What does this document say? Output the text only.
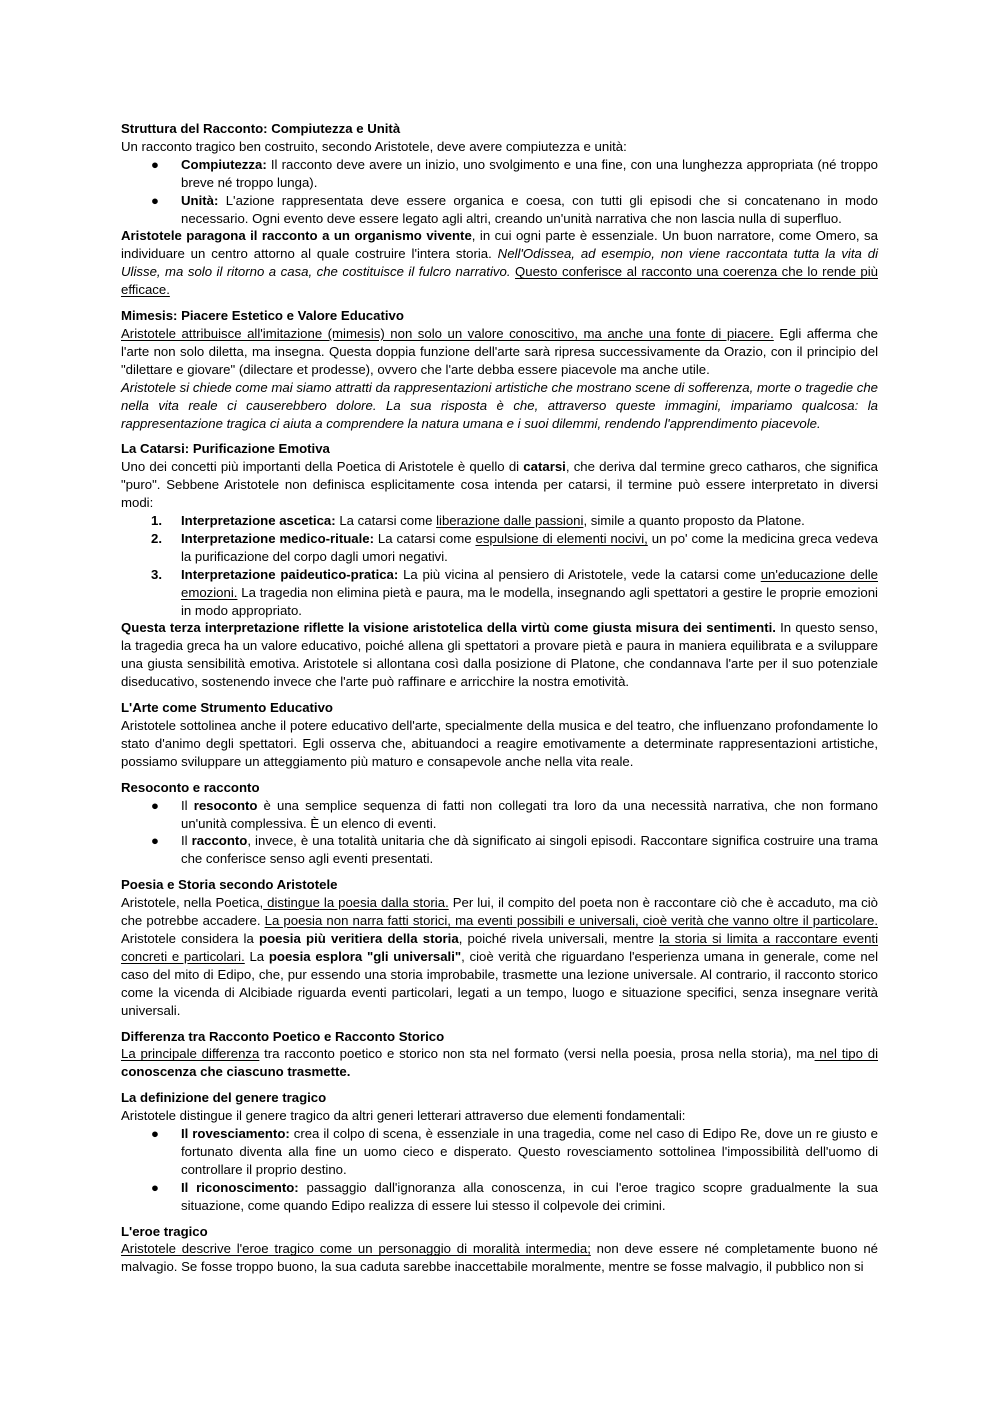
Struttura del Racconto: Compiutezza e Unità

Un racconto tragico ben costruito, secondo Aristotele, deve avere compiutezza e unità:

● Compiutezza: Il racconto deve avere un inizio, uno svolgimento e una fine, con una lunghezza appropriata (né troppo breve né troppo lunga).
● Unità: L'azione rappresentata deve essere organica e coesa, con tutti gli episodi che si concatenano in modo necessario. Ogni evento deve essere legato agli altri, creando un'unità narrativa che non lascia nulla di superfluo.

Aristotele paragona il racconto a un organismo vivente, in cui ogni parte è essenziale. Un buon narratore, come Omero, sa individuare un centro attorno al quale costruire l'intera storia. Nell'Odissea, ad esempio, non viene raccontata tutta la vita di Ulisse, ma solo il ritorno a casa, che costituisce il fulcro narrativo. Questo conferisce al racconto una coerenza che lo rende più efficace.

Mimesis: Piacere Estetico e Valore Educativo

Aristotele attribuisce all'imitazione (mimesis) non solo un valore conoscitivo, ma anche una fonte di piacere. Egli afferma che l'arte non solo diletta, ma insegna. Questa doppia funzione dell'arte sarà ripresa successivamente da Orazio, con il principio del "dilettare e giovare" (dilectare et prodesse), ovvero che l'arte debba essere piacevole ma anche utile.

Aristotele si chiede come mai siamo attratti da rappresentazioni artistiche che mostrano scene di sofferenza, morte o tragedie che nella vita reale ci causerebbero dolore. La sua risposta è che, attraverso queste immagini, impariamo qualcosa: la rappresentazione tragica ci aiuta a comprendere la natura umana e i suoi dilemmi, rendendo l'apprendimento piacevole.

La Catarsi: Purificazione Emotiva

Uno dei concetti più importanti della Poetica di Aristotele è quello di catarsi, che deriva dal termine greco catharos, che significa "puro". Sebbene Aristotele non definisca esplicitamente cosa intenda per catarsi, il termine può essere interpretato in diversi modi:

1. Interpretazione ascetica: La catarsi come liberazione dalle passioni, simile a quanto proposto da Platone.
2. Interpretazione medico-rituale: La catarsi come espulsione di elementi nocivi, un po' come la medicina greca vedeva la purificazione del corpo dagli umori negativi.
3. Interpretazione paideutico-pratica: La più vicina al pensiero di Aristotele, vede la catarsi come un'educazione delle emozioni. La tragedia non elimina pietà e paura, ma le modella, insegnando agli spettatori a gestire le proprie emozioni in modo appropriato.

Questa terza interpretazione riflette la visione aristotelica della virtù come giusta misura dei sentimenti. In questo senso, la tragedia greca ha un valore educativo, poiché allena gli spettatori a provare pietà e paura in maniera equilibrata e a sviluppare una giusta sensibilità emotiva. Aristotele si allontana così dalla posizione di Platone, che condannava l'arte per il suo potenziale diseducativo, sostenendo invece che l'arte può raffinare e arricchire la nostra emotività.

L'Arte come Strumento Educativo

Aristotele sottolinea anche il potere educativo dell'arte, specialmente della musica e del teatro, che influenzano profondamente lo stato d'animo degli spettatori. Egli osserva che, abituandoci a reagire emotivamente a determinate rappresentazioni artistiche, possiamo sviluppare un atteggiamento più maturo e consapevole anche nella vita reale.

Resoconto e racconto
● Il resoconto è una semplice sequenza di fatti non collegati tra loro da una necessità narrativa, che non formano un'unità complessiva. È un elenco di eventi.
● Il racconto, invece, è una totalità unitaria che dà significato ai singoli episodi. Raccontare significa costruire una trama che conferisce senso agli eventi presentati.
Poesia e Storia secondo Aristotele

Aristotele, nella Poetica, distingue la poesia dalla storia. Per lui, il compito del poeta non è raccontare ciò che è accaduto, ma ciò che potrebbe accadere. La poesia non narra fatti storici, ma eventi possibili e universali, cioè verità che vanno oltre il particolare. Aristotele considera la poesia più veritiera della storia, poiché rivela universali, mentre la storia si limita a raccontare eventi concreti e particolari. La poesia esplora "gli universali", cioè verità che riguardano l'esperienza umana in generale, come nel caso del mito di Edipo, che, pur essendo una storia improbabile, trasmette una lezione universale. Al contrario, il racconto storico come la vicenda di Alcibiade riguarda eventi particolari, legati a un tempo, luogo e situazione specifici, senza insegnare verità universali.

Differenza tra Racconto Poetico e Racconto Storico

La principale differenza tra racconto poetico e storico non sta nel formato (versi nella poesia, prosa nella storia), ma nel tipo di conoscenza che ciascuno trasmette.

La definizione del genere tragico

Aristotele distingue il genere tragico da altri generi letterari attraverso due elementi fondamentali:

● Il rovesciamento: crea il colpo di scena, è essenziale in una tragedia, come nel caso di Edipo Re, dove un re giusto e fortunato diventa alla fine un uomo cieco e disperato. Questo rovesciamento sottolinea l'impossibilità dell'uomo di controllare il proprio destino.
● Il riconoscimento: passaggio dall'ignoranza alla conoscenza, in cui l'eroe tragico scopre gradualmente la sua situazione, come quando Edipo realizza di essere lui stesso il colpevole dei crimini.
L'eroe tragico

Aristotele descrive l'eroe tragico come un personaggio di moralità intermedia; non deve essere né completamente buono né malvagio. Se fosse troppo buono, la sua caduta sarebbe inaccettabile moralmente, mentre se fosse malvagio, il pubblico non si
